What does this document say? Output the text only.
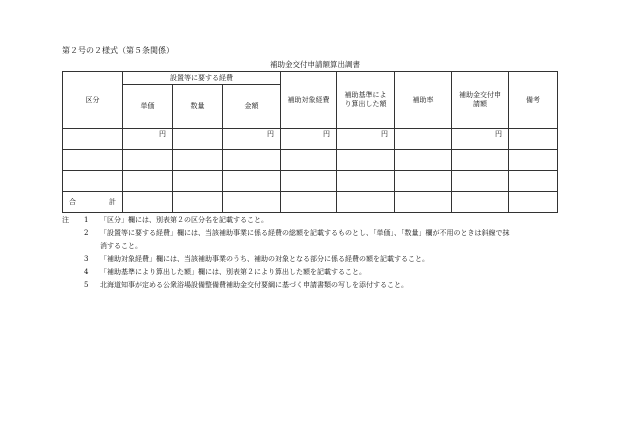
第２号の２様式（第５条関係）
補助金交付申請額算出調書
区分	設置等に要する経費			補助対象経費	補助基準によ
り算出した額	補助率	補助金交付申
請額	備考
	単価	数量	金額					
	円		円	円	円		円	

合 計								

注 1 「区分」欄には、別表第２の区分名を記載すること。
2 「設置等に要する経費」欄には、当該補助事業に係る経費の総額を記載するものとし、「単価」、「数量」欄が不用のときは斜線で抹
消すること。
3 「補助対象経費」欄には、当該補助事業のうち、補助の対象となる部分に係る経費の額を記載すること。
4 「補助基準により算出した額」欄には、別表第２により算出した額を記載すること。
5 北海道知事が定める公衆浴場設備整備費補助金交付要綱に基づく申請書類の写しを添付すること。
